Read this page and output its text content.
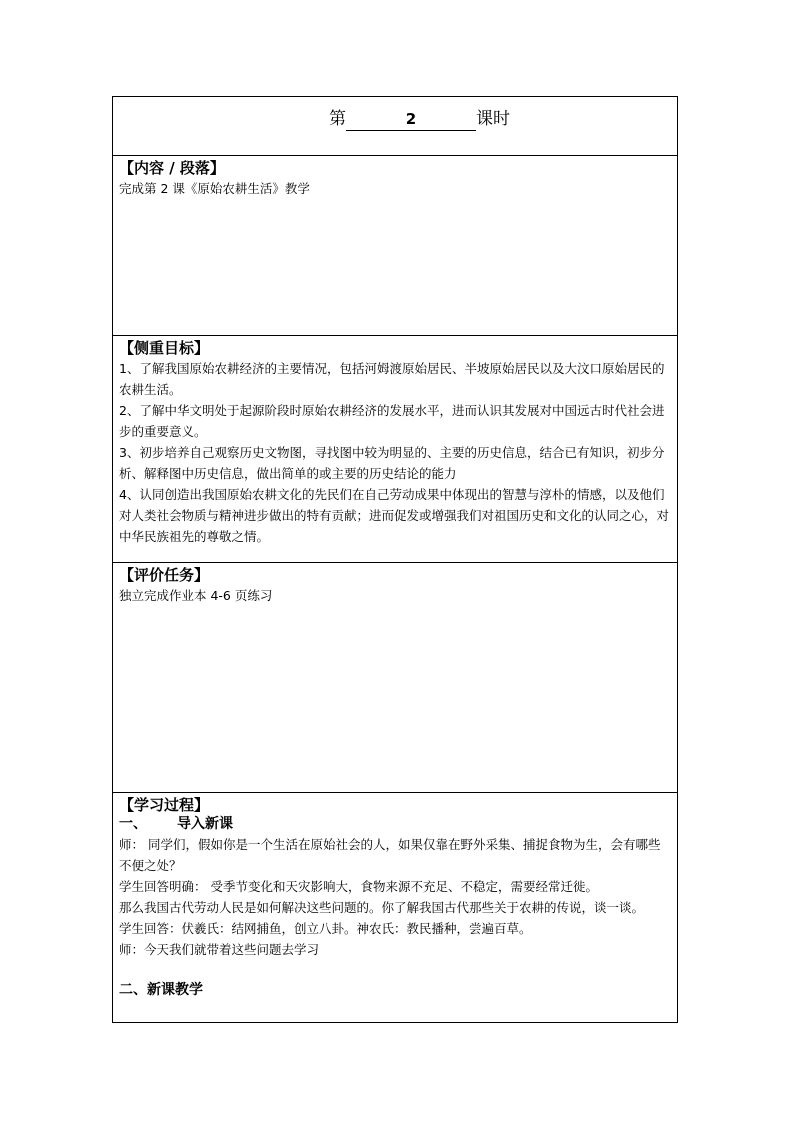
第	2	课时
【内容 / 段落】
完成第 2 课《原始农耕生活》教学
【侧重目标】

1、了解我国原始农耕经济的主要情况，包括河姆渡原始居民、半坡原始居民以及大汶口原始居民的农耕生活。

2、了解中华文明处于起源阶段时原始农耕经济的发展水平，进而认识其发展对中国远古时代社会进步的重要意义。

3、初步培养自己观察历史文物图，寻找图中较为明显的、主要的历史信息，结合已有知识，初步分析、解释图中历史信息，做出简单的或主要的历史结论的能力

4、认同创造出我国原始农耕文化的先民们在自己劳动成果中体现出的智慧与淳朴的情感，以及他们对人类社会物质与精神进步做出的特有贡献；进而促发或增强我们对祖国历史和文化的认同之心，对中华民族祖先的尊敬之情。

【评价任务】
独立完成作业本 4-6 页练习
【学习过程】
一、 导入新课

师： 同学们，假如你是一个生活在原始社会的人，如果仅靠在野外采集、捕捉食物为生，会有哪些不便之处？

学生回答明确： 受季节变化和天灾影响大，食物来源不充足、不稳定，需要经常迁徙。

那么我国古代劳动人民是如何解决这些问题的。你了解我国古代那些关于农耕的传说，谈一谈。

学生回答：伏羲氏：结网捕鱼，创立八卦。神农氏：教民播种，尝遍百草。

师：今天我们就带着这些问题去学习

二、新课教学
